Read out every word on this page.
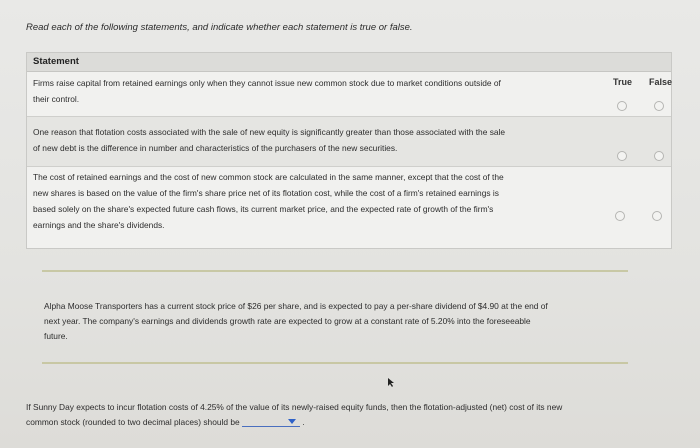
Read each of the following statements, and indicate whether each statement is true or false.
Statement
True False
Firms raise capital from retained earnings only when they cannot issue new common stock due to market conditions outside of
their control.
One reason that flotation costs associated with the sale of new equity is significantly greater than those associated with the sale
of new debt is the difference in number and characteristics of the purchasers of the new securities.
The cost of retained earnings and the cost of new common stock are calculated in the same manner, except that the cost of the
new shares is based on the value of the firm's share price net of its flotation cost, while the cost of a firm's retained earnings is
based solely on the share's expected future cash flows, its current market price, and the expected rate of growth of the firm's
earnings and the share's dividends.
Alpha Moose Transporters has a current stock price of $26 per share, and is expected to pay a per-share dividend of $4.90 at the end of
next year. The company's earnings and dividends growth rate are expected to grow at a constant rate of 5.20% into the foreseeable
future.
If Sunny Day expects to incur flotation costs of 4.25% of the value of its newly-raised equity funds, then the flotation-adjusted (net) cost of its new
common stock (rounded to two decimal places) should be	.
